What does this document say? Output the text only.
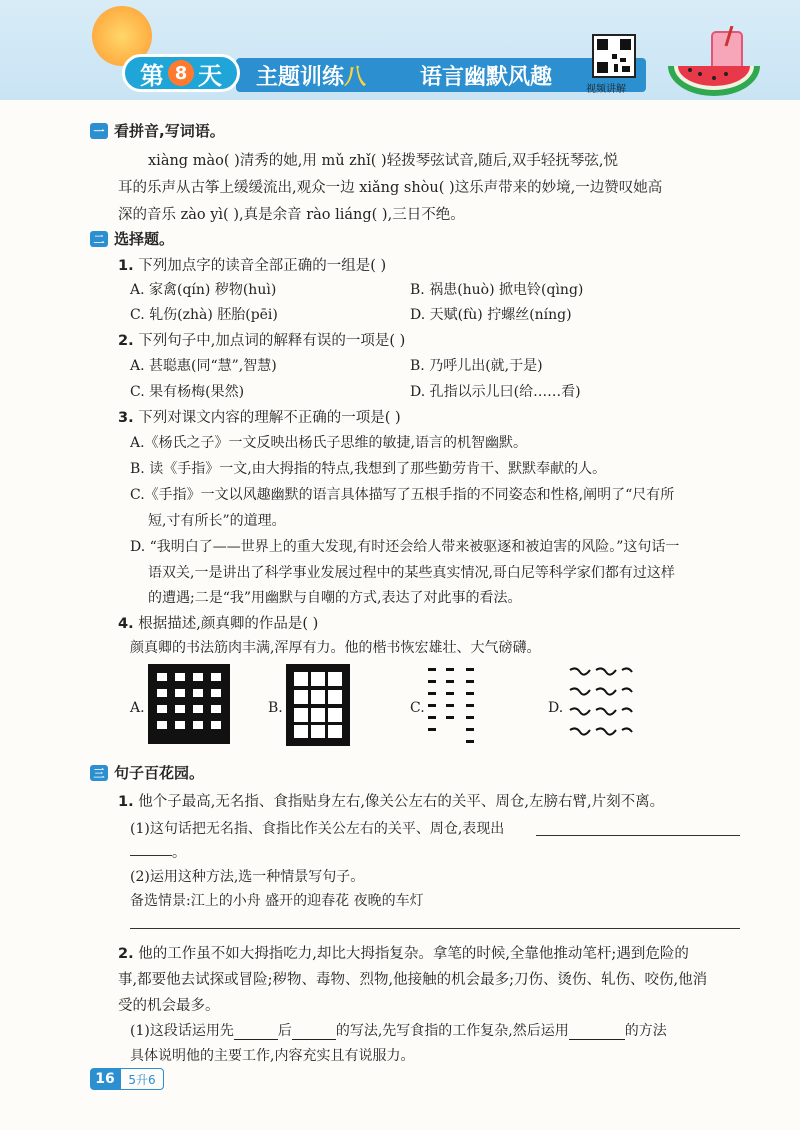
第 8 天 主题训练八 语言幽默风趣	视频讲解
一 看拼音,写词语。
xiàng mào( )清秀的她,用 mǔ zhǐ( )轻拨琴弦试音,随后,双手轻抚琴弦,悦
耳的乐声从古筝上缓缓流出,观众一边 xiǎng shòu( )这乐声带来的妙境,一边赞叹她高
深的音乐 zào yì( ),真是余音 rào liáng( ),三日不绝。
二 选择题。
1. 下列加点字的读音全部正确的一组是( )
A. 家禽(qín) 秽物(huì)	B. 祸患(huò) 掀电铃(qìng)
C. 轧伤(zhà) 胚胎(pēi)	D. 天赋(fù) 拧螺丝(níng)
2. 下列句子中,加点词的解释有误的一项是( )
A. 甚聪惠(同“慧”,智慧)	B. 乃呼儿出(就,于是)
C. 果有杨梅(果然)	D. 孔指以示儿曰(给……看)
3. 下列对课文内容的理解不正确的一项是( )
A.《杨氏之子》一文反映出杨氏子思维的敏捷,语言的机智幽默。
B. 读《手指》一文,由大拇指的特点,我想到了那些勤劳肯干、默默奉献的人。
C.《手指》一文以风趣幽默的语言具体描写了五根手指的不同姿态和性格,阐明了“尺有所
短,寸有所长”的道理。
D. “我明白了——世界上的重大发现,有时还会给人带来被驱逐和被迫害的风险。”这句话一
语双关,一是讲出了科学事业发展过程中的某些真实情况,哥白尼等科学家们都有过这样
的遭遇;二是“我”用幽默与自嘲的方式,表达了对此事的看法。
4. 根据描述,颜真卿的作品是( )
颜真卿的书法筋肉丰满,浑厚有力。他的楷书恢宏雄壮、大气磅礴。
A.	B.	C.	D.
三 句子百花园。
1. 他个子最高,无名指、食指贴身左右,像关公左右的关平、周仓,左膀右臂,片刻不离。
(1)这句话把无名指、食指比作关公左右的关平、周仓,表现出
。
(2)运用这种方法,选一种情景写句子。
备选情景:江上的小舟 盛开的迎春花 夜晚的车灯
2. 他的工作虽不如大拇指吃力,却比大拇指复杂。拿笔的时候,全靠他推动笔杆;遇到危险的
事,都要他去试探或冒险;秽物、毒物、烈物,他接触的机会最多;刀伤、烫伤、轧伤、咬伤,他消
受的机会最多。
(1)这段话运用先	后	的写法,先写食指的工作复杂,然后运用	的方法
具体说明他的主要工作,内容充实且有说服力。
16	5升6
